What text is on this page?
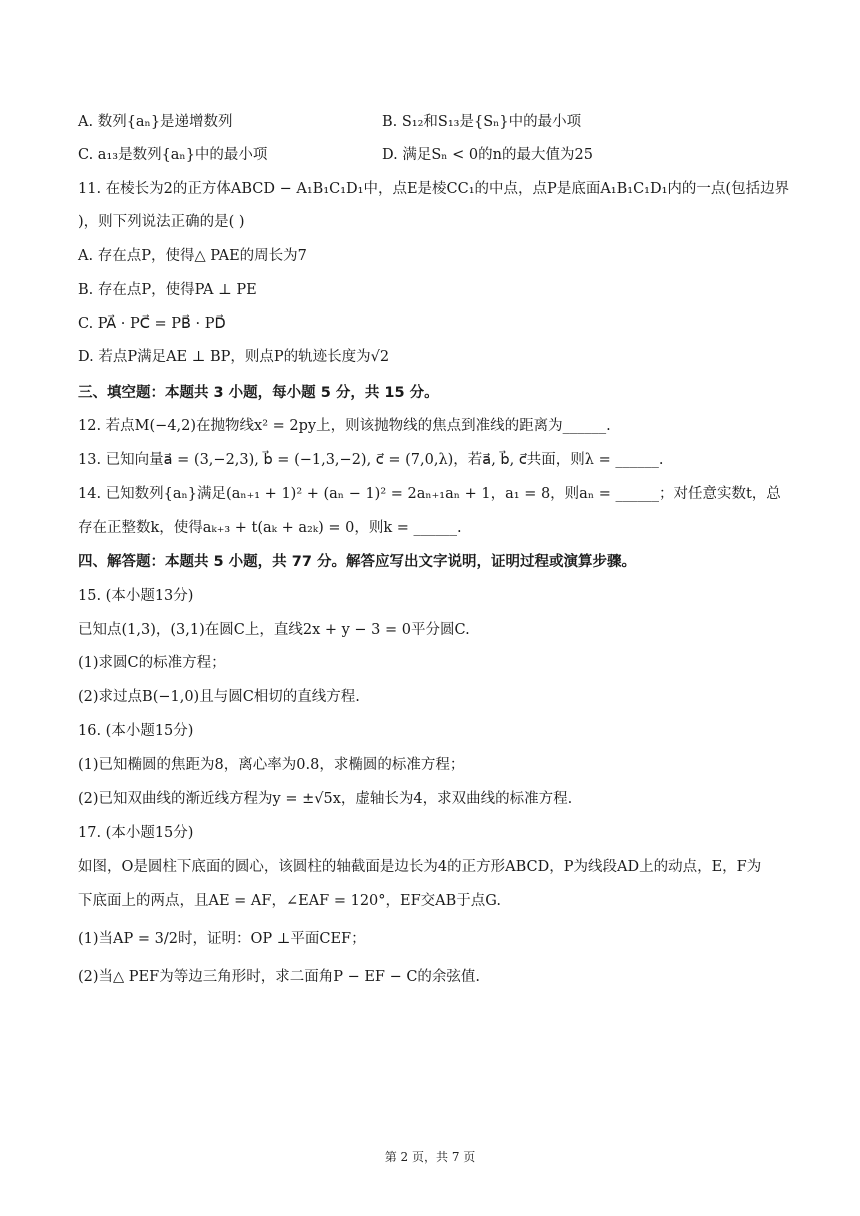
A. 数列{aₙ}是递增数列	B. S₁₂和S₁₃是{Sₙ}中的最小项
C. a₁₃是数列{aₙ}中的最小项	D. 满足Sₙ < 0的n的最大值为25
11. 在棱长为2的正方体ABCD − A₁B₁C₁D₁中，点E是棱CC₁的中点，点P是底面A₁B₁C₁D₁内的一点(包括边界
)，则下列说法正确的是( )
A. 存在点P，使得△ PAE的周长为7
B. 存在点P，使得PA ⊥ PE
C. PA⃗ · PC⃗ = PB⃗ · PD⃗
D. 若点P满足AE ⊥ BP，则点P的轨迹长度为√2
三、填空题：本题共 3 小题，每小题 5 分，共 15 分。
12. 若点M(−4,2)在抛物线x² = 2py上，则该抛物线的焦点到准线的距离为______.
13. 已知向量a⃗ = (3,−2,3), b⃗ = (−1,3,−2), c⃗ = (7,0,λ)，若a⃗, b⃗, c⃗共面，则λ = ______.
14. 已知数列{aₙ}满足(aₙ₊₁ + 1)² + (aₙ − 1)² = 2aₙ₊₁aₙ + 1，a₁ = 8，则aₙ = ______；对任意实数t，总
存在正整数k，使得aₖ₊₃ + t(aₖ + a₂ₖ) = 0，则k = ______.
四、解答题：本题共 5 小题，共 77 分。解答应写出文字说明，证明过程或演算步骤。
15. (本小题13分)
已知点(1,3)，(3,1)在圆C上，直线2x + y − 3 = 0平分圆C.
(1)求圆C的标准方程；
(2)求过点B(−1,0)且与圆C相切的直线方程.
16. (本小题15分)
(1)已知椭圆的焦距为8，离心率为0.8，求椭圆的标准方程；
(2)已知双曲线的渐近线方程为y = ±√5x，虚轴长为4，求双曲线的标准方程.
17. (本小题15分)
如图，O是圆柱下底面的圆心，该圆柱的轴截面是边长为4的正方形ABCD，P为线段AD上的动点，E，F为
下底面上的两点，且AE = AF，∠EAF = 120°，EF交AB于点G.
(1)当AP = 3/2时，证明：OP ⊥平面CEF；
(2)当△ PEF为等边三角形时，求二面角P − EF − C的余弦值.
第 2 页，共 7 页
